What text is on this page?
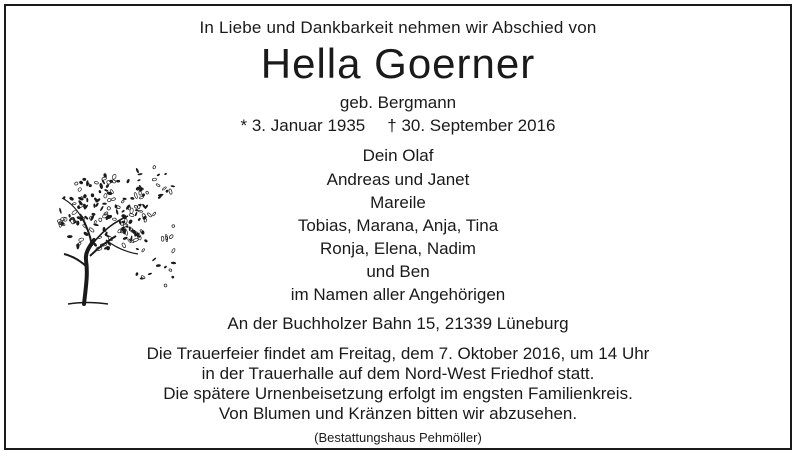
In Liebe und Dankbarkeit nehmen wir Abschied von
Hella Goerner
geb. Bergmann
* 3. Januar 1935 † 30. September 2016
Dein Olaf
Andreas und Janet
Mareile
Tobias, Marana, Anja, Tina
Ronja, Elena, Nadim
und Ben
im Namen aller Angehörigen
An der Buchholzer Bahn 15, 21339 Lüneburg
Die Trauerfeier findet am Freitag, dem 7. Oktober 2016, um 14 Uhr
in der Trauerhalle auf dem Nord-West Friedhof statt.
Die spätere Urnenbeisetzung erfolgt im engsten Familienkreis.
Von Blumen und Kränzen bitten wir abzusehen.
(Bestattungshaus Pehmöller)
